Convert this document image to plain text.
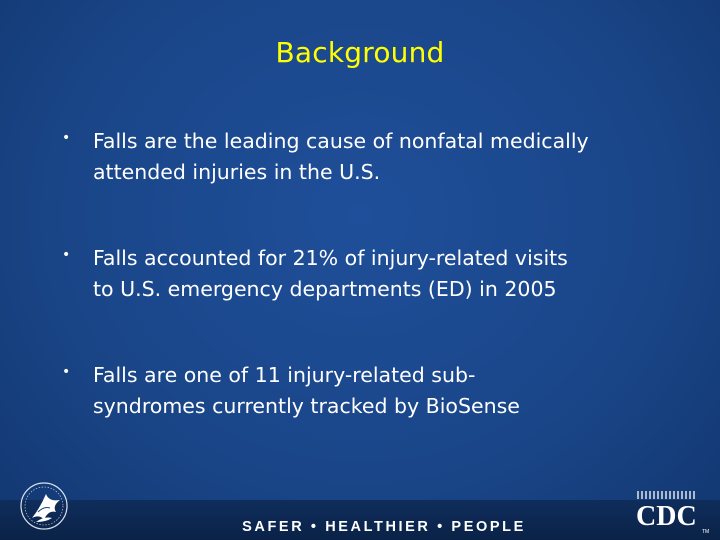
Background
• Falls are the leading cause of nonfatal medically
attended injuries in the U.S.
• Falls accounted for 21% of injury-related visits
to U.S. emergency departments (ED) in 2005
• Falls are one of 11 injury-related sub-
syndromes currently tracked by BioSense
SAFER • HEALTHIER • PEOPLE	CDC TM
